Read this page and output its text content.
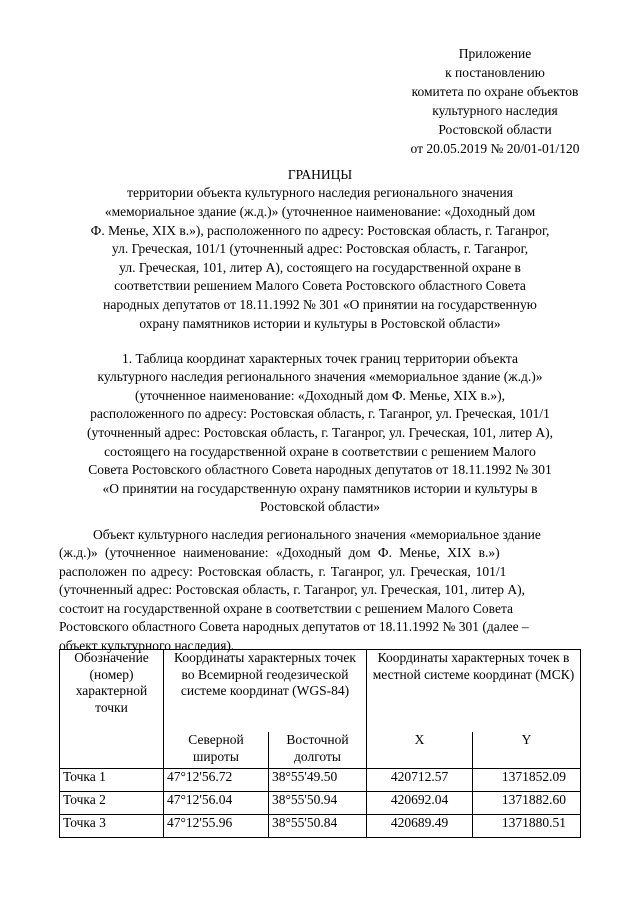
Приложение
к постановлению
комитета по охране объектов
культурного наследия
Ростовской области
от 20.05.2019 № 20/01-01/120
ГРАНИЦЫ
территории объекта культурного наследия регионального значения
«мемориальное здание (ж.д.)» (уточненное наименование: «Доходный дом
Ф. Менье, XIX в.»), расположенного по адресу: Ростовская область, г. Таганрог,
ул. Греческая, 101/1 (уточненный адрес: Ростовская область, г. Таганрог,
ул. Греческая, 101, литер А), состоящего на государственной охране в
соответствии решением Малого Совета Ростовского областного Совета
народных депутатов от 18.11.1992 № 301 «О принятии на государственную
охрану памятников истории и культуры в Ростовской области»
1. Таблица координат характерных точек границ территории объекта
культурного наследия регионального значения «мемориальное здание (ж.д.)»
(уточненное наименование: «Доходный дом Ф. Менье, XIX в.»),
расположенного по адресу: Ростовская область, г. Таганрог, ул. Греческая, 101/1
(уточненный адрес: Ростовская область, г. Таганрог, ул. Греческая, 101, литер А),
состоящего на государственной охране в соответствии с решением Малого
Совета Ростовского областного Совета народных депутатов от 18.11.1992 № 301
«О принятии на государственную охрану памятников истории и культуры в
Ростовской области»
Объект культурного наследия регионального значения «мемориальное здание
(ж.д.)» (уточненное наименование: «Доходный дом Ф. Менье, XIX в.»)
расположен по адресу: Ростовская область, г. Таганрог, ул. Греческая, 101/1
(уточненный адрес: Ростовская область, г. Таганрог, ул. Греческая, 101, литер А),
состоит на государственной охране в соответствии с решением Малого Совета
Ростовского областного Совета народных депутатов от 18.11.1992 № 301 (далее –
объект культурного наследия).
Обозначение (номер) характерной точки	Координаты характерных точек во Всемирной геодезической системе координат (WGS-84)		Координаты характерных точек в местной системе координат (МСК)	
	Северной широты	Восточной долготы	X	Y
Точка 1	47°12'56.72	38°55'49.50	420712.57	1371852.09
Точка 2	47°12'56.04	38°55'50.94	420692.04	1371882.60
Точка 3	47°12'55.96	38°55'50.84	420689.49	1371880.51
